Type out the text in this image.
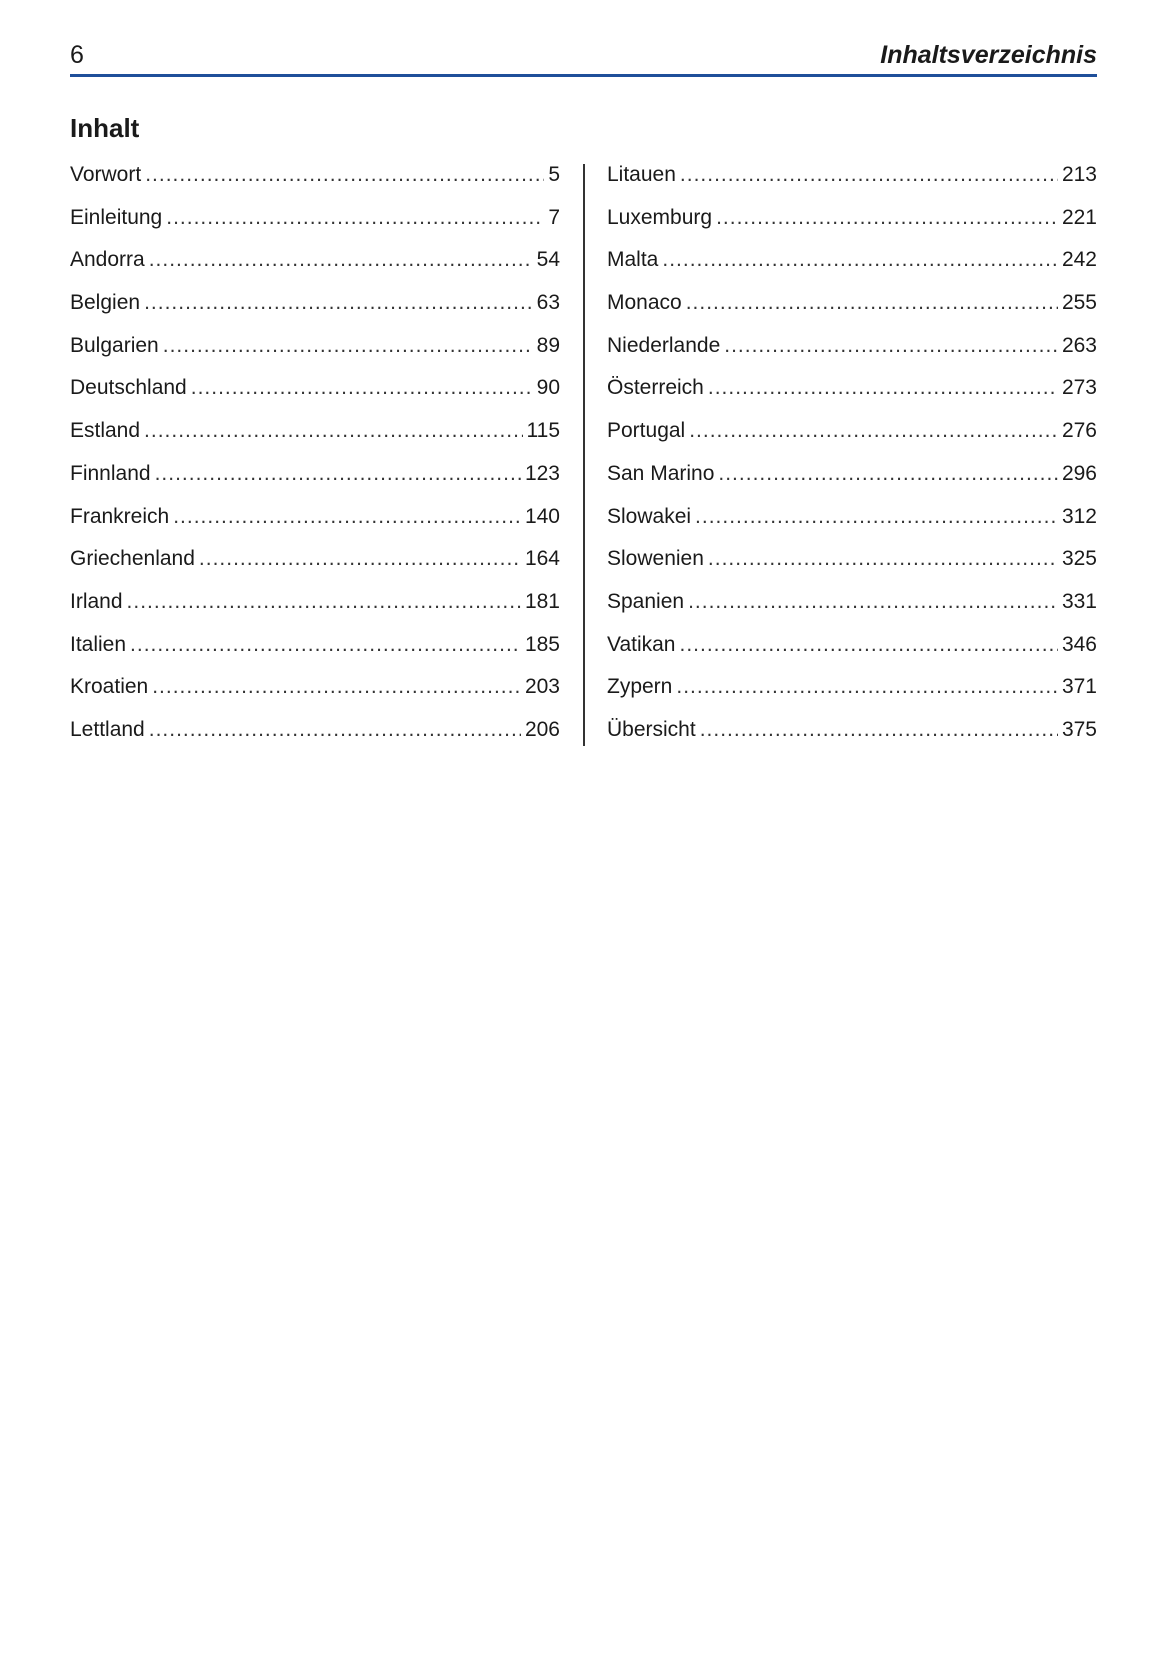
6	Inhaltsverzeichnis
Inhalt
Vorwort .....	5
Einleitung .....	7
Andorra .....	54
Belgien .....	63
Bulgarien .....	89
Deutschland .....	90
Estland .....	115
Finnland .....	123
Frankreich .....	140
Griechenland .....	164
Irland .....	181
Italien .....	185
Kroatien .....	203
Lettland .....	206
Litauen .....	213
Luxemburg .....	221
Malta .....	242
Monaco .....	255
Niederlande .....	263
Österreich .....	273
Portugal .....	276
San Marino .....	296
Slowakei .....	312
Slowenien .....	325
Spanien .....	331
Vatikan .....	346
Zypern .....	371
Übersicht .....	375
